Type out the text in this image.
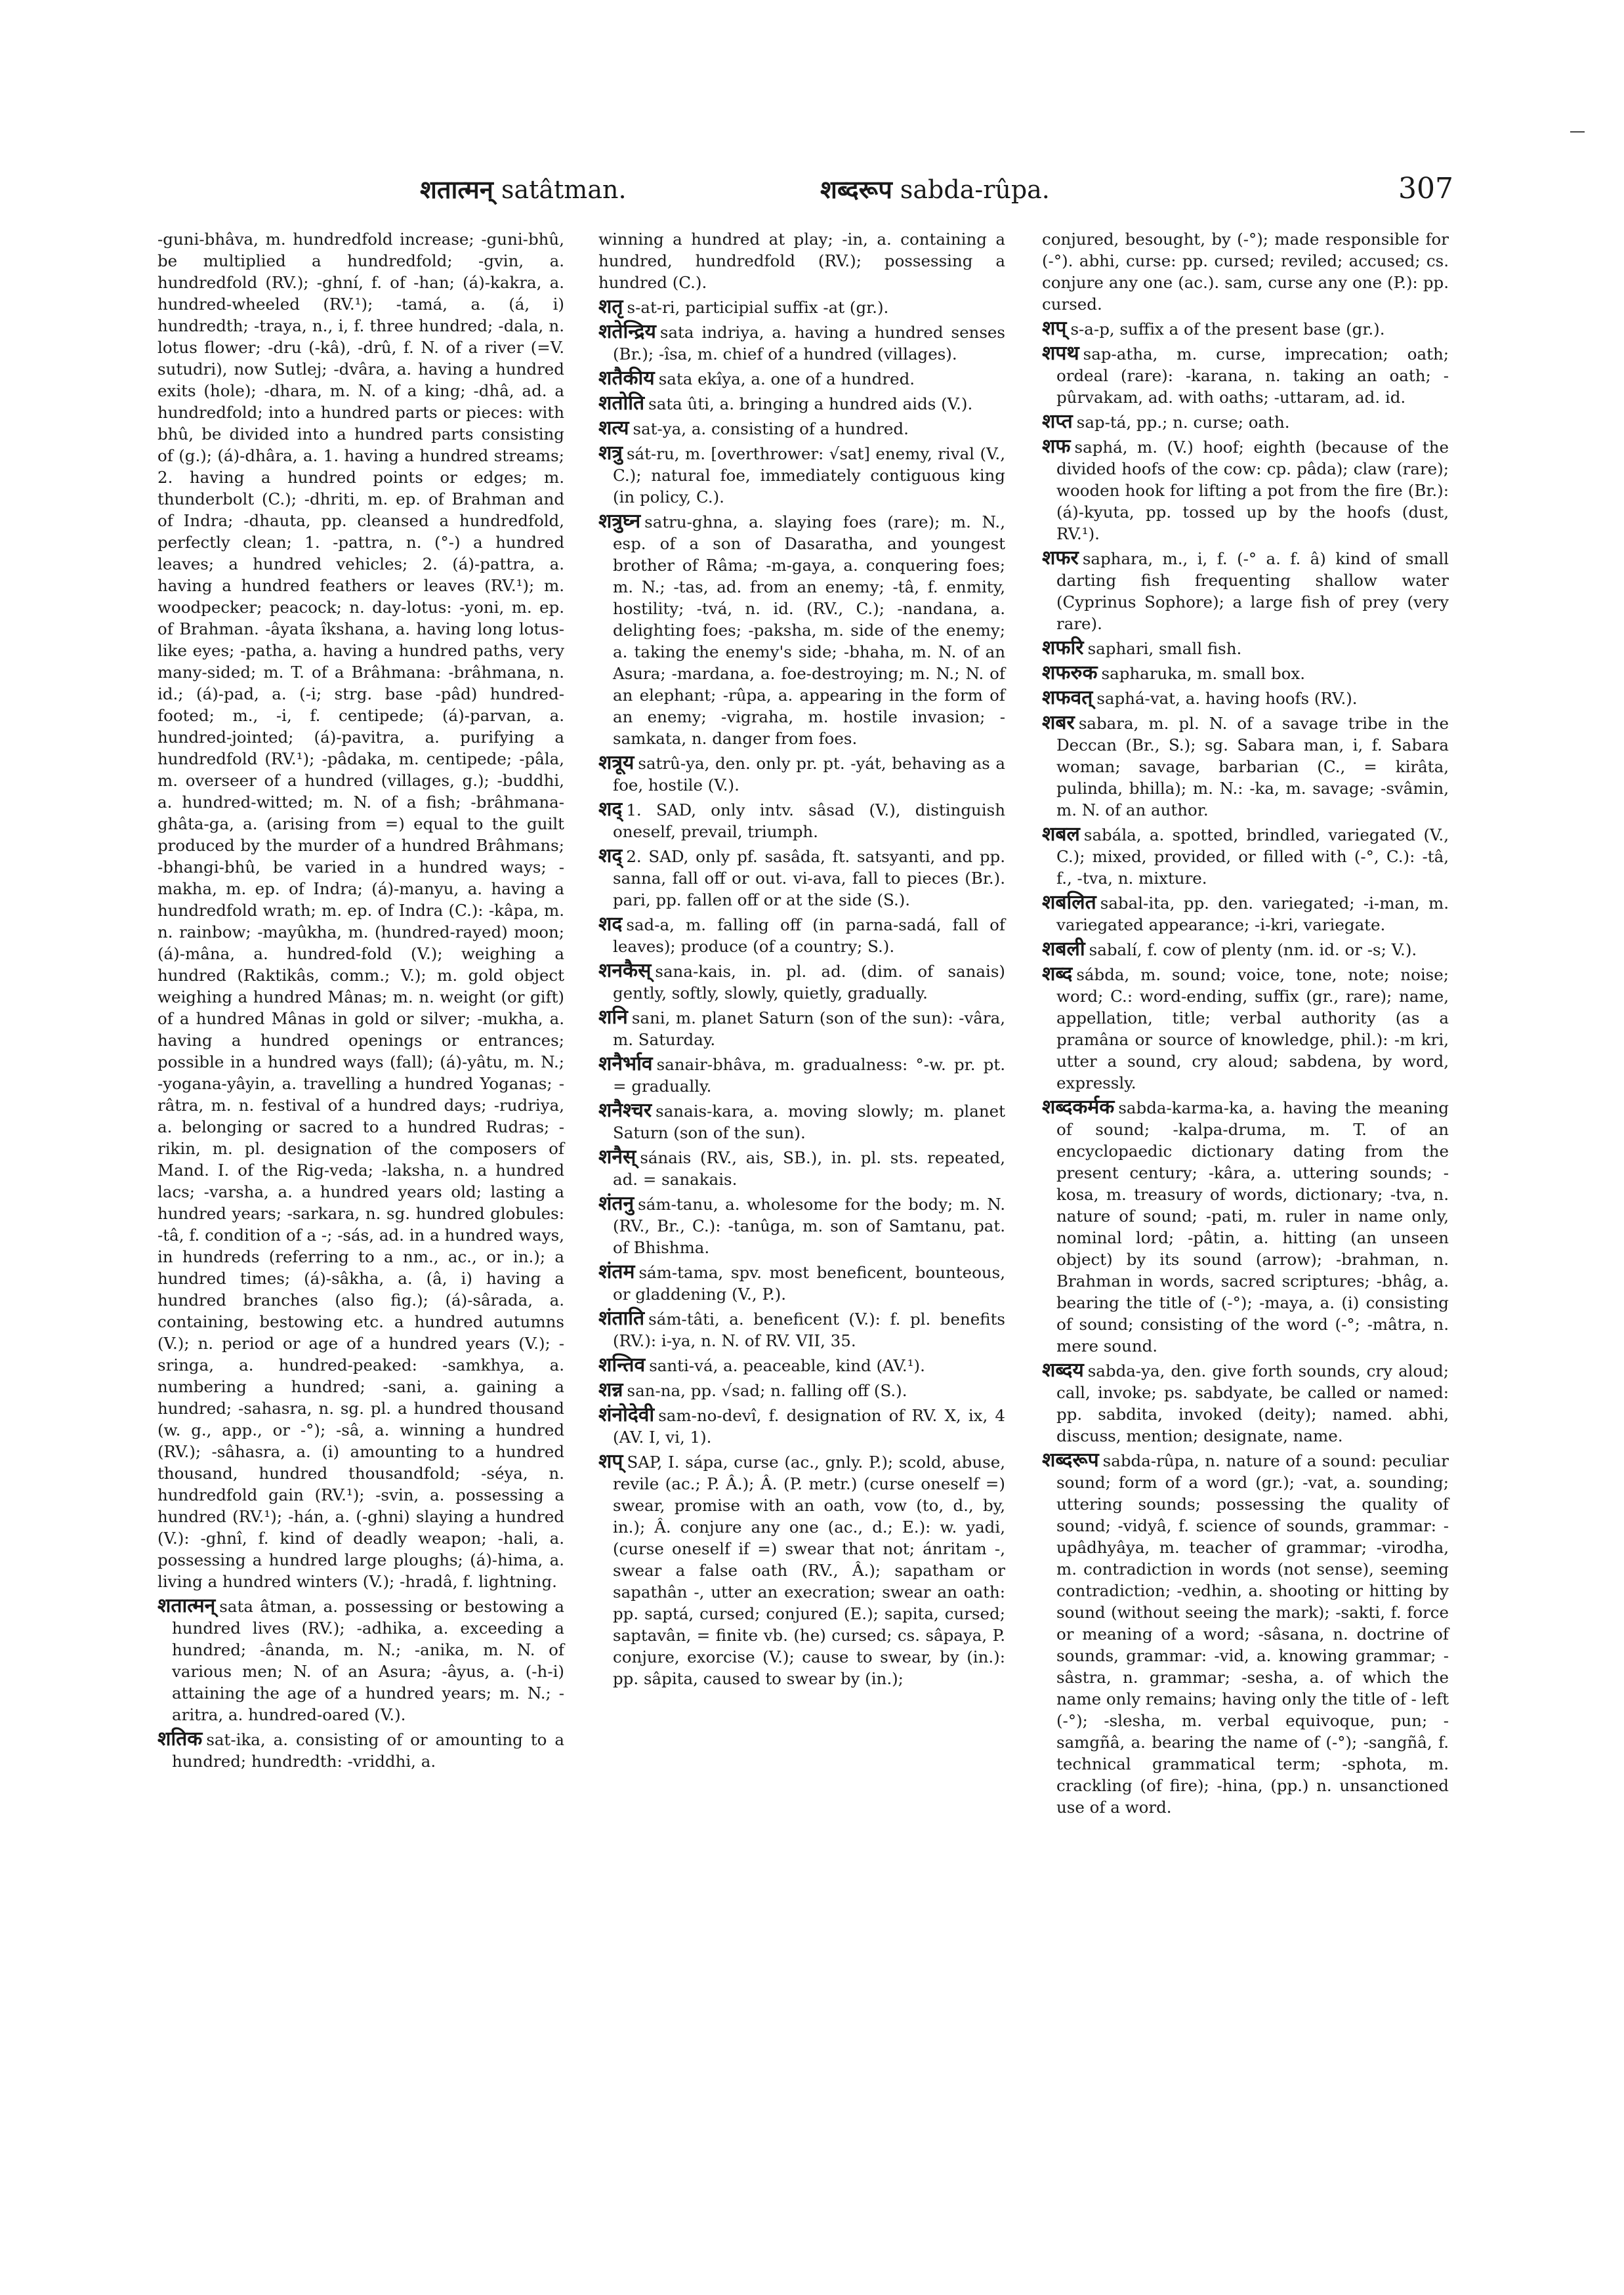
शतात्मन् satâtman.	शब्दरूप sabda-rûpa.	307

-guni-bhâva, m. hundredfold increase; -guni-bhû, be multiplied a hundredfold; -gvin, a. hundredfold (RV.); -ghní, f. of -han; (á)-kakra, a. hundred-wheeled (RV.¹); -tamá, a. (á, i) hundredth; -traya, n., i, f. three hundred; -dala, n. lotus flower; -dru (-kâ), -drû, f. N. of a river (=V. sutudri), now Sutlej; -dvâra, a. having a hundred exits (hole); -dhara, m. N. of a king; -dhâ, ad. a hundredfold; into a hundred parts or pieces: with bhû, be divided into a hundred parts consisting of (g.); (á)-dhâra, a. 1. having a hundred streams; 2. having a hundred points or edges; m. thunderbolt (C.); -dhriti, m. ep. of Brahman and of Indra; -dhauta, pp. cleansed a hundredfold, perfectly clean; 1. -pattra, n. (°-) a hundred leaves; a hundred vehicles; 2. (á)-pattra, a. having a hundred feathers or leaves (RV.¹); m. woodpecker; peacock; n. day-lotus: -yoni, m. ep. of Brahman. -âyata îkshana, a. having long lotus-like eyes; -patha, a. having a hundred paths, very many-sided; m. T. of a Brâhmana: -brâhmana, n. id.; (á)-pad, a. (-i; strg. base -pâd) hundred-footed; m., -i, f. centipede; (á)-parvan, a. hundred-jointed; (á)-pavitra, a. purifying a hundredfold (RV.¹); -pâdaka, m. centipede; -pâla, m. overseer of a hundred (villages, g.); -buddhi, a. hundred-witted; m. N. of a fish; -brâhmana-ghâta-ga, a. (arising from =) equal to the guilt produced by the murder of a hundred Brâhmans; -bhangi-bhû, be varied in a hundred ways; -makha, m. ep. of Indra; (á)-manyu, a. having a hundredfold wrath; m. ep. of Indra (C.): -kâpa, m. n. rainbow; -mayûkha, m. (hundred-rayed) moon; (á)-mâna, a. hundred-fold (V.); weighing a hundred (Raktikâs, comm.; V.); m. gold object weighing a hundred Mânas; m. n. weight (or gift) of a hundred Mânas in gold or silver; -mukha, a. having a hundred openings or entrances; possible in a hundred ways (fall); (á)-yâtu, m. N.; -yogana-yâyin, a. travelling a hundred Yoganas; -râtra, m. n. festival of a hundred days; -rudriya, a. belonging or sacred to a hundred Rudras; -rikin, m. pl. designation of the composers of Mand. I. of the Rig-veda; -laksha, n. a hundred lacs; -varsha, a. a hundred years old; lasting a hundred years; -sarkara, n. sg. hundred globules: -tâ, f. condition of a -; -sás, ad. in a hundred ways, in hundreds (referring to a nm., ac., or in.); a hundred times; (á)-sâkha, a. (â, i) having a hundred branches (also fig.); (á)-sârada, a. containing, bestowing etc. a hundred autumns (V.); n. period or age of a hundred years (V.); -sringa, a. hundred-peaked: -samkhya, a. numbering a hundred; -sani, a. gaining a hundred; -sahasra, n. sg. pl. a hundred thousand (w. g., app., or -°); -sâ, a. winning a hundred (RV.); -sâhasra, a. (i) amounting to a hundred thousand, hundred thousandfold; -séya, n. hundredfold gain (RV.¹); -svin, a. possessing a hundred (RV.¹); -hán, a. (-ghni) slaying a hundred (V.): -ghnî, f. kind of deadly weapon; -hali, a. possessing a hundred large ploughs; (á)-hima, a. living a hundred winters (V.); -hradâ, f. lightning.

शतात्मन् sata âtman, a. possessing or bestowing a hundred lives (RV.); -adhika, a. exceeding a hundred; -ânanda, m. N.; -anika, m. N. of various men; N. of an Asura; -âyus, a. (-h-i) attaining the age of a hundred years; m. N.; -aritra, a. hundred-oared (V.).

शतिक sat-ika, a. consisting of or amounting to a hundred; hundredth: -vriddhi, a.

winning a hundred at play; -in, a. containing a hundred, hundredfold (RV.); possessing a hundred (C.).

शतृ s-at-ri, participial suffix -at (gr.).

शतेन्द्रिय sata indriya, a. having a hundred senses (Br.); -îsa, m. chief of a hundred (villages).

शतैकीय sata ekîya, a. one of a hundred.

शतोति sata ûti, a. bringing a hundred aids (V.).

शत्य sat-ya, a. consisting of a hundred.

शत्रु sát-ru, m. [overthrower: √sat] enemy, rival (V., C.); natural foe, immediately contiguous king (in policy, C.).

शत्रुघ्न satru-ghna, a. slaying foes (rare); m. N., esp. of a son of Dasaratha, and youngest brother of Râma; -m-gaya, a. conquering foes; m. N.; -tas, ad. from an enemy; -tâ, f. enmity, hostility; -tvá, n. id. (RV., C.); -nandana, a. delighting foes; -paksha, m. side of the enemy; a. taking the enemy's side; -bhaha, m. N. of an Asura; -mardana, a. foe-destroying; m. N.; N. of an elephant; -rûpa, a. appearing in the form of an enemy; -vigraha, m. hostile invasion; -samkata, n. danger from foes.

शत्रूय satrû-ya, den. only pr. pt. -yát, behaving as a foe, hostile (V.).

शद् 1. SAD, only intv. sâsad (V.), distinguish oneself, prevail, triumph.

शद् 2. SAD, only pf. sasâda, ft. satsyanti, and pp. sanna, fall off or out. vi-ava, fall to pieces (Br.). pari, pp. fallen off or at the side (S.).

शद sad-a, m. falling off (in parna-sadá, fall of leaves); produce (of a country; S.).

शनकैस् sana-kais, in. pl. ad. (dim. of sanais) gently, softly, slowly, quietly, gradually.

शनि sani, m. planet Saturn (son of the sun): -vâra, m. Saturday.

शनैर्भाव sanair-bhâva, m. gradualness: °-w. pr. pt. = gradually.

शनैश्चर sanais-kara, a. moving slowly; m. planet Saturn (son of the sun).

शनैस् sánais (RV., ais, SB.), in. pl. sts. repeated, ad. = sanakais.

शंतनु sám-tanu, a. wholesome for the body; m. N. (RV., Br., C.): -tanûga, m. son of Samtanu, pat. of Bhishma.

शंतम sám-tama, spv. most beneficent, bounteous, or gladdening (V., P.).

शंताति sám-tâti, a. beneficent (V.): f. pl. benefits (RV.): i-ya, n. N. of RV. VII, 35.

शन्तिव santi-vá, a. peaceable, kind (AV.¹).

शन्न san-na, pp. √sad; n. falling off (S.).

शंनोदेवी sam-no-devî, f. designation of RV. X, ix, 4 (AV. I, vi, 1).

शप् SAP, I. sápa, curse (ac., gnly. P.); scold, abuse, revile (ac.; P. Â.); Â. (P. metr.) (curse oneself =) swear, promise with an oath, vow (to, d., by, in.); Â. conjure any one (ac., d.; E.): w. yadi, (curse oneself if =) swear that not; ánritam -, swear a false oath (RV., Â.); sapatham or sapathân -, utter an execration; swear an oath: pp. saptá, cursed; conjured (E.); sapita, cursed; saptavân, = finite vb. (he) cursed; cs. sâpaya, P. conjure, exorcise (V.); cause to swear, by (in.): pp. sâpita, caused to swear by (in.);

conjured, besought, by (-°); made responsible for (-°). abhi, curse: pp. cursed; reviled; accused; cs. conjure any one (ac.). sam, curse any one (P.): pp. cursed.

शप् s-a-p, suffix a of the present base (gr.).

शपथ sap-atha, m. curse, imprecation; oath; ordeal (rare): -karana, n. taking an oath; -pûrvakam, ad. with oaths; -uttaram, ad. id.

शप्त sap-tá, pp.; n. curse; oath.

शफ saphá, m. (V.) hoof; eighth (because of the divided hoofs of the cow: cp. pâda); claw (rare); wooden hook for lifting a pot from the fire (Br.): (á)-kyuta, pp. tossed up by the hoofs (dust, RV.¹).

शफर saphara, m., i, f. (-° a. f. â) kind of small darting fish frequenting shallow water (Cyprinus Sophore); a large fish of prey (very rare).

शफरि saphari, small fish.

शफरुक sapharuka, m. small box.

शफवत् saphá-vat, a. having hoofs (RV.).

शबर sabara, m. pl. N. of a savage tribe in the Deccan (Br., S.); sg. Sabara man, i, f. Sabara woman; savage, barbarian (C., = kirâta, pulinda, bhilla); m. N.: -ka, m. savage; -svâmin, m. N. of an author.

शबल sabála, a. spotted, brindled, variegated (V., C.); mixed, provided, or filled with (-°, C.): -tâ, f., -tva, n. mixture.

शबलित sabal-ita, pp. den. variegated; -i-man, m. variegated appearance; -i-kri, variegate.

शबली sabalí, f. cow of plenty (nm. id. or -s; V.).

शब्द sábda, m. sound; voice, tone, note; noise; word; C.: word-ending, suffix (gr., rare); name, appellation, title; verbal authority (as a pramâna or source of knowledge, phil.): -m kri, utter a sound, cry aloud; sabdena, by word, expressly.

शब्दकर्मक sabda-karma-ka, a. having the meaning of sound; -kalpa-druma, m. T. of an encyclopaedic dictionary dating from the present century; -kâra, a. uttering sounds; -kosa, m. treasury of words, dictionary; -tva, n. nature of sound; -pati, m. ruler in name only, nominal lord; -pâtin, a. hitting (an unseen object) by its sound (arrow); -brahman, n. Brahman in words, sacred scriptures; -bhâg, a. bearing the title of (-°); -maya, a. (i) consisting of sound; consisting of the word (-°; -mâtra, n. mere sound.

शब्दय sabda-ya, den. give forth sounds, cry aloud; call, invoke; ps. sabdyate, be called or named: pp. sabdita, invoked (deity); named. abhi, discuss, mention; designate, name.

शब्दरूप sabda-rûpa, n. nature of a sound: peculiar sound; form of a word (gr.); -vat, a. sounding; uttering sounds; possessing the quality of sound; -vidyâ, f. science of sounds, grammar: -upâdhyâya, m. teacher of grammar; -virodha, m. contradiction in words (not sense), seeming contradiction; -vedhin, a. shooting or hitting by sound (without seeing the mark); -sakti, f. force or meaning of a word; -sâsana, n. doctrine of sounds, grammar: -vid, a. knowing grammar; -sâstra, n. grammar; -sesha, a. of which the name only remains; having only the title of - left (-°); -slesha, m. verbal equivoque, pun; -samgñâ, a. bearing the name of (-°); -sangñâ, f. technical grammatical term; -sphota, m. crackling (of fire); -hina, (pp.) n. unsanctioned use of a word.
